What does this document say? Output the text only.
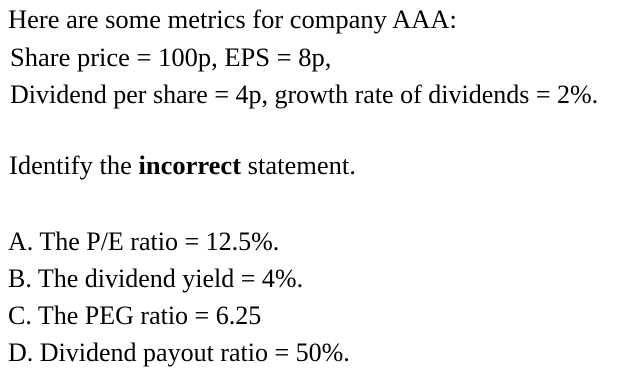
Here are some metrics for company AAA:
Share price = 100p, EPS = 8p,
Dividend per share = 4p, growth rate of dividends = 2%.
Identify the incorrect statement.
A. The P/E ratio = 12.5%.
B. The dividend yield = 4%.
C. The PEG ratio = 6.25
D. Dividend payout ratio = 50%.
